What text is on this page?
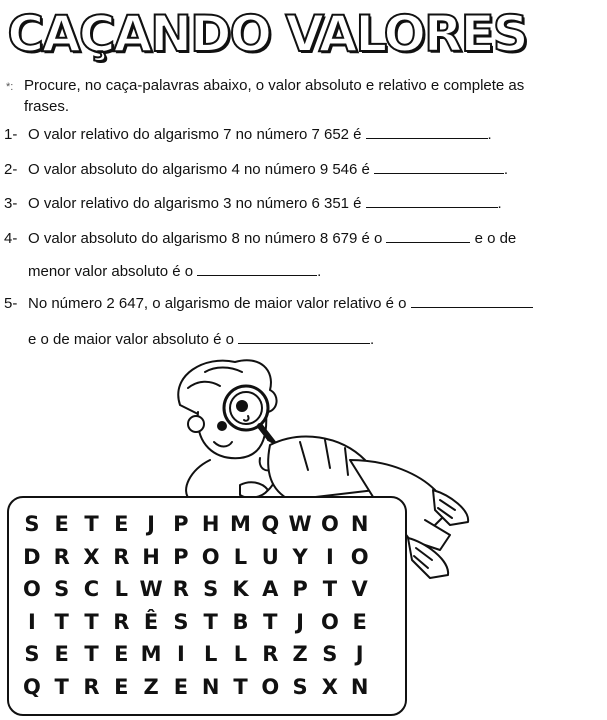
CAÇANDO VALORES
*: Procure, no caça-palavras abaixo, o valor absoluto e relativo e complete as
frases.
1- O valor relativo do algarismo 7 no número 7 652 é	.
2- O valor absoluto do algarismo 4 no número 9 546 é	.
3- O valor relativo do algarismo 3 no número 6 351 é	.
4- O valor absoluto do algarismo 8 no número 8 679 é o	e o de
menor valor absoluto é o	.
5- No número 2 647, o algarismo de maior valor relativo é o
e o de maior valor absoluto é o	.
S E T E J P H M Q W O N
D R X R H P O L U Y I O
O S C L W R S K A P T V
I T T R Ê S T B T J O E
S E T E M I L L R Z S J
Q T R E Z E N T O S X N
